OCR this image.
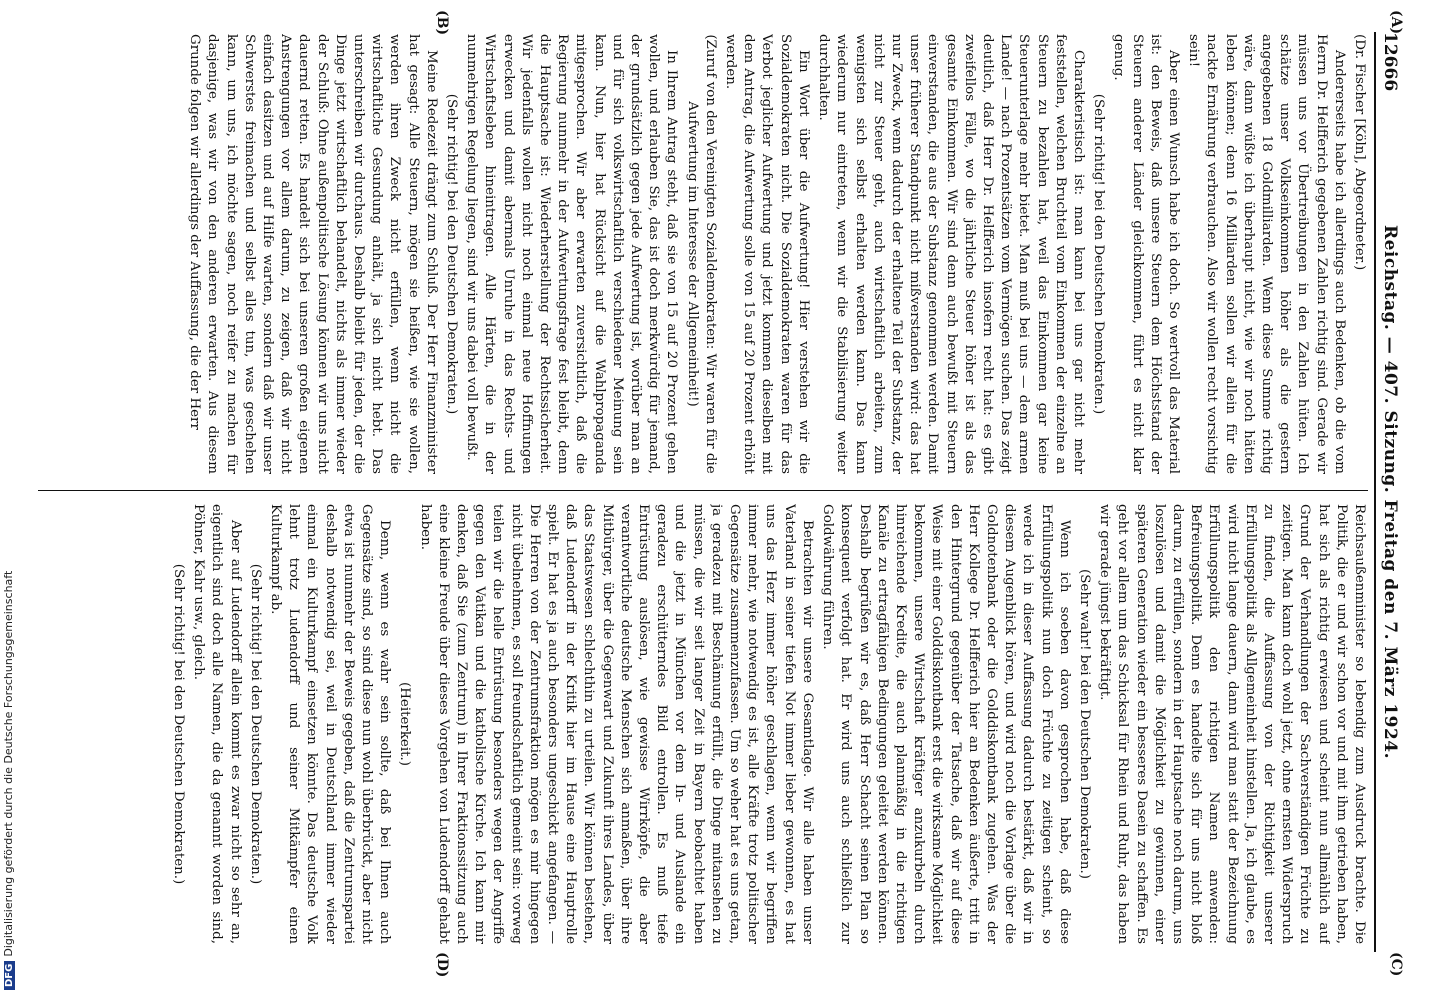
12666
Reichstag. — 407. Sitzung. Freitag den 7. März 1924.
(A)
(B)
(C)
(D)

(Dr. Fischer [Köln], Abgeordneter.)

Andererseits habe ich allerdings auch Bedenken, ob die vom Herrn Dr. Helfferich gegebenen Zahlen richtig sind. Gerade wir müssen uns vor Übertreibungen in den Zahlen hüten. Ich schätze unser Volkseinkommen höher als die gestern angegebenen 18 Goldmilliarden. Wenn diese Summe richtig wäre, dann wüßte ich überhaupt nicht, wie wir noch hätten leben können; denn 16 Milliarden sollen wir allein für die nackte Ernährung verbrauchen. Also wir wollen recht vorsichtig sein!

Aber einen Wunsch habe ich doch. So wertvoll das Material ist: den Beweis, daß unsere Steuern dem Höchststand der Steuern anderer Länder gleichkommen, führt es nicht klar genug.

(Sehr richtig! bei den Deutschen Demokraten.)

Charakteristisch ist: man kann bei uns gar nicht mehr feststellen, welchen Bruchteil vom Einkommen der einzelne an Steuern zu bezahlen hat, weil das Einkommen gar keine Steuerunterlage mehr bietet. Man muß bei uns — dem armen Lande! — nach Prozentsätzen vom Vermögen suchen. Das zeigt deutlich, daß Herr Dr. Helfferich insofern recht hat: es gibt zweifellos Fälle, wo die jährliche Steuer höher ist als das gesamte Einkommen. Wir sind denn auch bewußt mit Steuern einverstanden, die aus der Substanz genommen werden. Damit unser früherer Standpunkt nicht mißverstanden wird: das hat nur Zweck, wenn dadurch der erhaltene Teil der Substanz, der nicht zur Steuer geht, auch wirtschaftlich arbeiten, zum wenigsten sich selbst erhalten werden kann. Das kann wiederum nur eintreten, wenn wir die Stabilisierung weiter durchhalten.

Ein Wort über die Aufwertung! Hier verstehen wir die Sozialdemokraten nicht. Die Sozialdemokraten waren für das Verbot jeglicher Aufwertung und jetzt kommen dieselben mit dem Antrag, die Aufwertung solle von 15 auf 20 Prozent erhöht werden.

(Zuruf von den Vereinigten Sozialdemokraten: Wir waren für die Aufwertung im Interesse der Allgemeinheit!)

In Ihrem Antrag steht, daß sie von 15 auf 20 Prozent gehen wollen, und erlauben Sie, das ist doch merkwürdig für jemand, der grundsätzlich gegen jede Aufwertung ist, worüber man an und für sich volkswirtschaftlich verschiedener Meinung sein kann. Nun, hier hat Rücksicht auf die Wahlpropaganda mitgesprochen. Wir aber erwarten zuversichtlich, daß die Regierung nunmehr in der Aufwertungsfrage fest bleibt, denn die Hauptsache ist: Wiederherstellung der Rechtssicherheit. Wir jedenfalls wollen nicht noch einmal neue Hoffnungen erwecken und damit abermals Unruhe in das Rechts- und Wirtschaftsleben hineintragen. Alle Härten, die in der nunmehrigen Regelung liegen, sind wir uns dabei voll bewußt.

(Sehr richtig! bei den Deutschen Demokraten.)

Meine Redezeit drängt zum Schluß. Der Herr Finanzminister hat gesagt: Alle Steuern, mögen sie heißen, wie sie wollen, werden ihren Zweck nicht erfüllen, wenn nicht die wirtschaftliche Gesundung anhält, ja sich nicht hebt. Das unterschreiben wir durchaus. Deshalb bleibt für jeden, der die Dinge jetzt wirtschaftlich behandelt, nichts als immer wieder der Schluß: Ohne außenpolitische Lösung können wir uns nicht dauernd retten. Es handelt sich bei unseren großen eigenen Anstrengungen vor allem darum, zu zeigen, daß wir nicht einfach dasitzen und auf Hilfe warten, sondern daß wir unser Schwerstes freimachen und selbst alles tun, was geschehen kann, um uns, ich möchte sagen, noch reifer zu machen für dasjenige, was wir von den anderen erwarten. Aus diesem Grunde folgen wir allerdings der Auffassung, die der Herr

Reichsaußenminister so lebendig zum Ausdruck brachte. Die Politik, die er und wir schon vor und mit ihm getrieben haben, hat sich als richtig erwiesen und scheint nun allmählich auf Grund der Verhandlungen der Sachverständigen Früchte zu zeitigen. Man kann doch wohl jetzt, ohne ernsten Widerspruch zu finden, die Auffassung von der Richtigkeit unserer Erfüllungspolitik als Allgemeinheit hinstellen. Ja, ich glaube, es wird nicht lange dauern, dann wird man statt der Bezeichnung Erfüllungspolitik den richtigen Namen anwenden: Befreiungspolitik. Denn es handelte sich für uns nicht bloß darum, zu erfüllen, sondern in der Hauptsache noch darum, uns loszulösen und damit die Möglichkeit zu gewinnen, einer späteren Generation wieder ein besseres Dasein zu schaffen. Es geht vor allem um das Schicksal für Rhein und Ruhr, das haben wir gerade jüngst bekräftigt.

(Sehr wahr! bei den Deutschen Demokraten.)

Wenn ich soeben davon gesprochen habe, daß diese Erfüllungspolitik nun doch Früchte zu zeitigen scheint, so werde ich in dieser Auffassung dadurch bestärkt, daß wir in diesem Augenblick hören, und wird noch die Vorlage über die Goldnotenbank oder die Golddiskontbank zugehen. Was der Herr Kollege Dr. Helfferich hier an Bedenken äußerte, tritt in den Hintergrund gegenüber der Tatsache, daß wir auf diese Weise mit einer Golddiskontbank erst die wirksame Möglichkeit bekommen, unsere Wirtschaft kräftiger anzukurbeln durch hinreichende Kredite, die auch planmäßig in die richtigen Kanäle zu ertragfähigen Bedingungen geleitet werden können. Deshalb begrüßen wir es, daß Herr Schacht seinen Plan so konsequent verfolgt hat. Er wird uns auch schließlich zur Goldwährung führen.

Betrachten wir unsere Gesamtlage. Wir alle haben unser Vaterland in seiner tiefen Not immer lieber gewonnen, es hat uns das Herz immer höher geschlagen, wenn wir begriffen immer mehr, wie notwendig es ist, alle Kräfte trotz politischer Gegensätze zusammenzufassen. Um so weher hat es uns getan, ja geradezu mit Beschämung erfüllt, die Dinge mitansehen zu müssen, die wir seit langer Zeit in Bayern beobachtet haben und die jetzt in München vor dem In- und Auslande ein geradezu erschütterndes Bild entrollen. Es muß tiefe Entrüstung auslösen, wie gewisse Wirrköpfe, die aber verantwortliche deutsche Menschen sich anmaßen, über ihre Mitbürger, über die Gegenwart und Zukunft ihres Landes, über das Staatswesen schlechthin zu urteilen. Wir können bestehen, daß Ludendorff in der Kritik hier im Hause eine Hauptrolle spielt. Er hat es ja auch besonders ungeschickt angefangen. — Die Herren von der Zentrumsfraktion mögen es mir hingegen nicht übelnehmen, es soll freundschaftlich gemeint sein: vorweg teilen wir die helle Entrüstung besonders wegen der Angriffe gegen den Vatikan und die katholische Kirche. Ich kann mir denken, daß Sie (zum Zentrum) in Ihrer Fraktionssitzung auch eine kleine Freude über dieses Vorgehen von Ludendorff gehabt haben.

(Heiterkeit.)

Denn, wenn es wahr sein sollte, daß bei Ihnen auch Gegensätze sind, so sind diese nun wohl überbrückt, aber nicht etwa ist nunmehr der Beweis gegeben, daß die Zentrumspartei deshalb notwendig sei, weil in Deutschland immer wieder einmal ein Kulturkampf einsetzen könnte. Das deutsche Volk lehnt trotz Ludendorff und seiner Mitkämpfer einen Kulturkampf ab.

(Sehr richtig! bei den Deutschen Demokraten.)

Aber auf Ludendorff allein kommt es zwar nicht so sehr an, eigentlich sind doch alle Namen, die da genannt worden sind, Pöhner, Kahr usw., gleich.

(Sehr richtig! bei den Deutschen Demokraten.)

DFGDigitalisierung gefördert durch die Deutsche Forschungsgemeinschaft
